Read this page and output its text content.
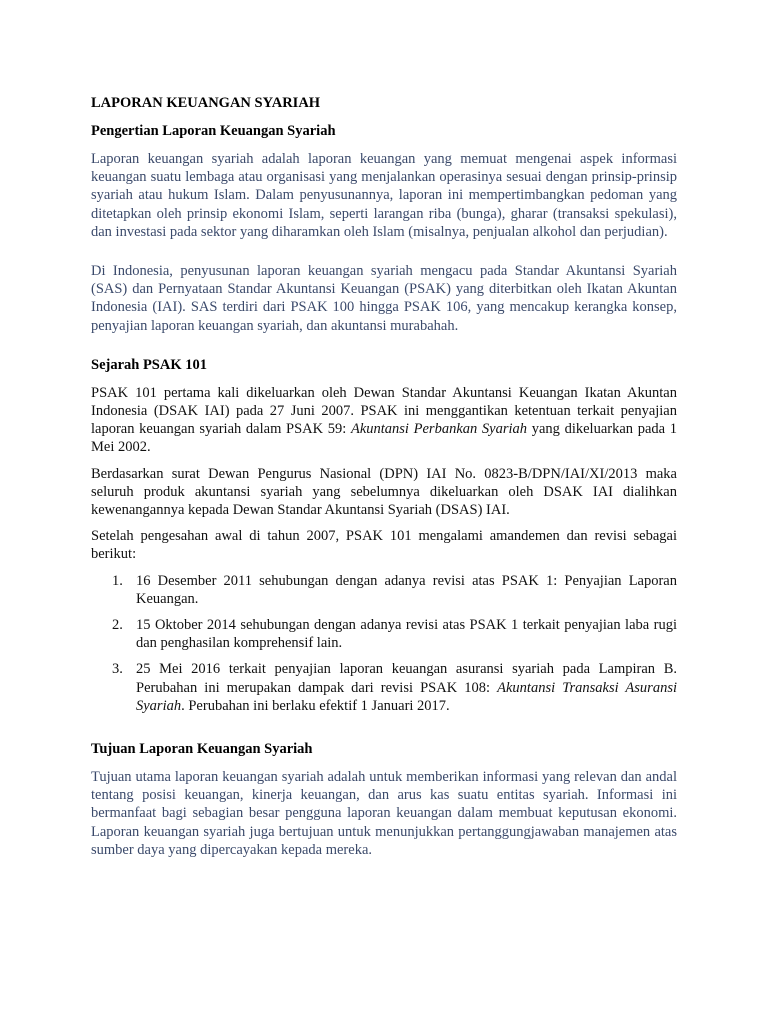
LAPORAN KEUANGAN SYARIAH
Pengertian Laporan Keuangan Syariah

Laporan keuangan syariah adalah laporan keuangan yang memuat mengenai aspek informasi keuangan suatu lembaga atau organisasi yang menjalankan operasinya sesuai dengan prinsip-prinsip syariah atau hukum Islam. Dalam penyusunannya, laporan ini mempertimbangkan pedoman yang ditetapkan oleh prinsip ekonomi Islam, seperti larangan riba (bunga), gharar (transaksi spekulasi), dan investasi pada sektor yang diharamkan oleh Islam (misalnya, penjualan alkohol dan perjudian).

Di Indonesia, penyusunan laporan keuangan syariah mengacu pada Standar Akuntansi Syariah (SAS) dan Pernyataan Standar Akuntansi Keuangan (PSAK) yang diterbitkan oleh Ikatan Akuntan Indonesia (IAI). SAS terdiri dari PSAK 100 hingga PSAK 106, yang mencakup kerangka konsep, penyajian laporan keuangan syariah, dan akuntansi murabahah.

Sejarah PSAK 101

PSAK 101 pertama kali dikeluarkan oleh Dewan Standar Akuntansi Keuangan Ikatan Akuntan Indonesia (DSAK IAI) pada 27 Juni 2007. PSAK ini menggantikan ketentuan terkait penyajian laporan keuangan syariah dalam PSAK 59: Akuntansi Perbankan Syariah yang dikeluarkan pada 1 Mei 2002.

Berdasarkan surat Dewan Pengurus Nasional (DPN) IAI No. 0823-B/DPN/IAI/XI/2013 maka seluruh produk akuntansi syariah yang sebelumnya dikeluarkan oleh DSAK IAI dialihkan kewenangannya kepada Dewan Standar Akuntansi Syariah (DSAS) IAI.

Setelah pengesahan awal di tahun 2007, PSAK 101 mengalami amandemen dan revisi sebagai berikut:

1. 16 Desember 2011 sehubungan dengan adanya revisi atas PSAK 1: Penyajian Laporan Keuangan.
2. 15 Oktober 2014 sehubungan dengan adanya revisi atas PSAK 1 terkait penyajian laba rugi dan penghasilan komprehensif lain.
3. 25 Mei 2016 terkait penyajian laporan keuangan asuransi syariah pada Lampiran B. Perubahan ini merupakan dampak dari revisi PSAK 108: Akuntansi Transaksi Asuransi Syariah. Perubahan ini berlaku efektif 1 Januari 2017.
Tujuan Laporan Keuangan Syariah

Tujuan utama laporan keuangan syariah adalah untuk memberikan informasi yang relevan dan andal tentang posisi keuangan, kinerja keuangan, dan arus kas suatu entitas syariah. Informasi ini bermanfaat bagi sebagian besar pengguna laporan keuangan dalam membuat keputusan ekonomi. Laporan keuangan syariah juga bertujuan untuk menunjukkan pertanggungjawaban manajemen atas sumber daya yang dipercayakan kepada mereka.
